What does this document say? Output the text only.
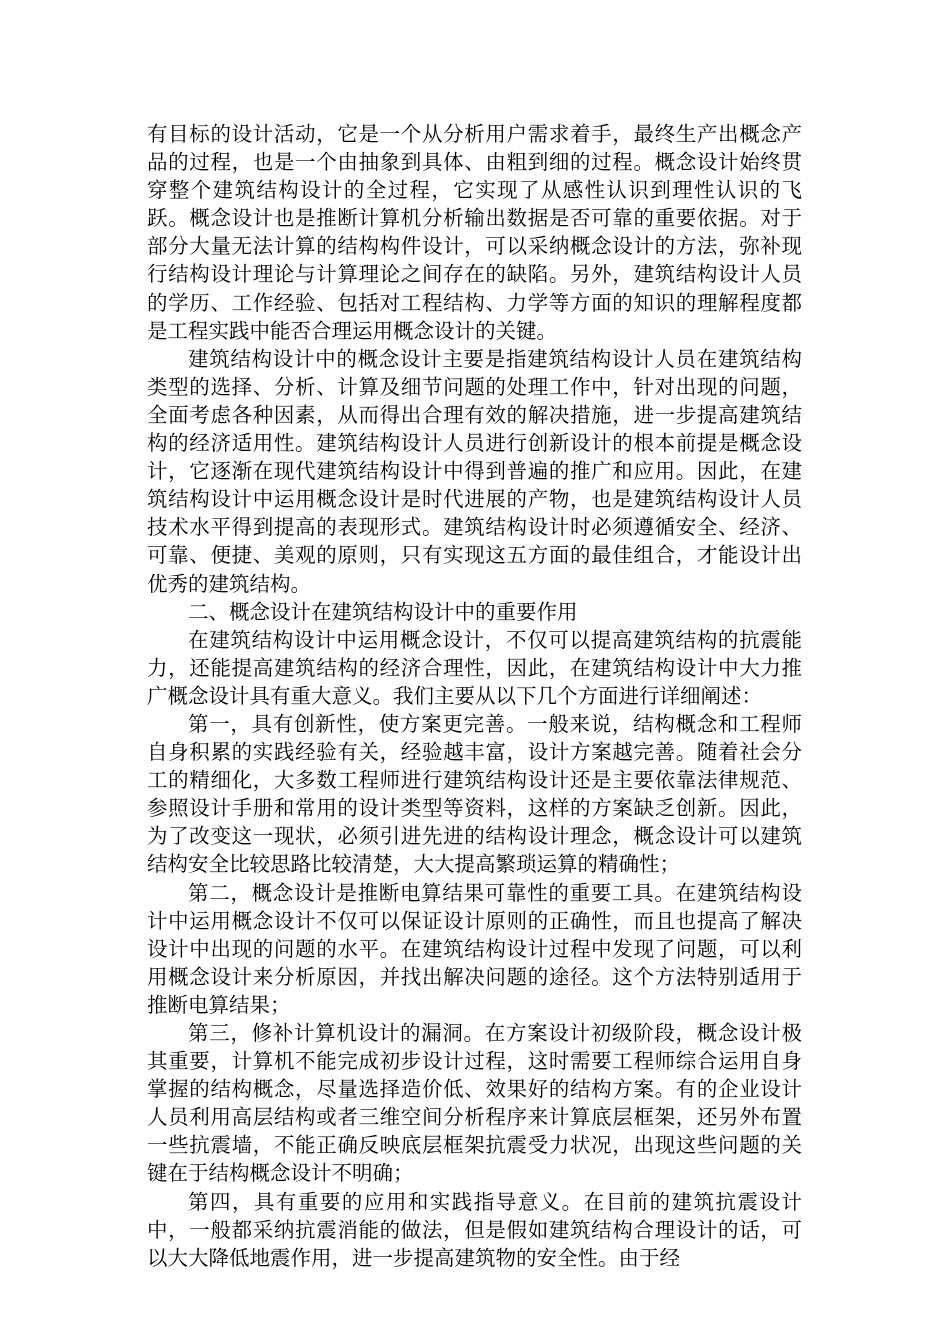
有目标的设计活动，它是一个从分析用户需求着手，最终生产出概念产品的过程，也是一个由抽象到具体、由粗到细的过程。概念设计始终贯穿整个建筑结构设计的全过程，它实现了从感性认识到理性认识的飞跃。概念设计也是推断计算机分析输出数据是否可靠的重要依据。对于部分大量无法计算的结构构件设计，可以采纳概念设计的方法，弥补现行结构设计理论与计算理论之间存在的缺陷。另外，建筑结构设计人员的学历、工作经验、包括对工程结构、力学等方面的知识的理解程度都是工程实践中能否合理运用概念设计的关键。

建筑结构设计中的概念设计主要是指建筑结构设计人员在建筑结构类型的选择、分析、计算及细节问题的处理工作中，针对出现的问题，全面考虑各种因素，从而得出合理有效的解决措施，进一步提高建筑结构的经济适用性。建筑结构设计人员进行创新设计的根本前提是概念设计，它逐渐在现代建筑结构设计中得到普遍的推广和应用。因此，在建筑结构设计中运用概念设计是时代进展的产物，也是建筑结构设计人员技术水平得到提高的表现形式。建筑结构设计时必须遵循安全、经济、可靠、便捷、美观的原则，只有实现这五方面的最佳组合，才能设计出优秀的建筑结构。

二、概念设计在建筑结构设计中的重要作用

在建筑结构设计中运用概念设计，不仅可以提高建筑结构的抗震能力，还能提高建筑结构的经济合理性，因此，在建筑结构设计中大力推广概念设计具有重大意义。我们主要从以下几个方面进行详细阐述：

第一，具有创新性，使方案更完善。一般来说，结构概念和工程师自身积累的实践经验有关，经验越丰富，设计方案越完善。随着社会分工的精细化，大多数工程师进行建筑结构设计还是主要依靠法律规范、参照设计手册和常用的设计类型等资料，这样的方案缺乏创新。因此，为了改变这一现状，必须引进先进的结构设计理念，概念设计可以建筑结构安全比较思路比较清楚，大大提高繁琐运算的精确性；

第二，概念设计是推断电算结果可靠性的重要工具。在建筑结构设计中运用概念设计不仅可以保证设计原则的正确性，而且也提高了解决设计中出现的问题的水平。在建筑结构设计过程中发现了问题，可以利用概念设计来分析原因，并找出解决问题的途径。这个方法特别适用于推断电算结果；

第三，修补计算机设计的漏洞。在方案设计初级阶段，概念设计极其重要，计算机不能完成初步设计过程，这时需要工程师综合运用自身掌握的结构概念，尽量选择造价低、效果好的结构方案。有的企业设计人员利用高层结构或者三维空间分析程序来计算底层框架，还另外布置一些抗震墙，不能正确反映底层框架抗震受力状况，出现这些问题的关键在于结构概念设计不明确；

第四，具有重要的应用和实践指导意义。在目前的建筑抗震设计中，一般都采纳抗震消能的做法，但是假如建筑结构合理设计的话，可以大大降低地震作用，进一步提高建筑物的安全性。由于经
